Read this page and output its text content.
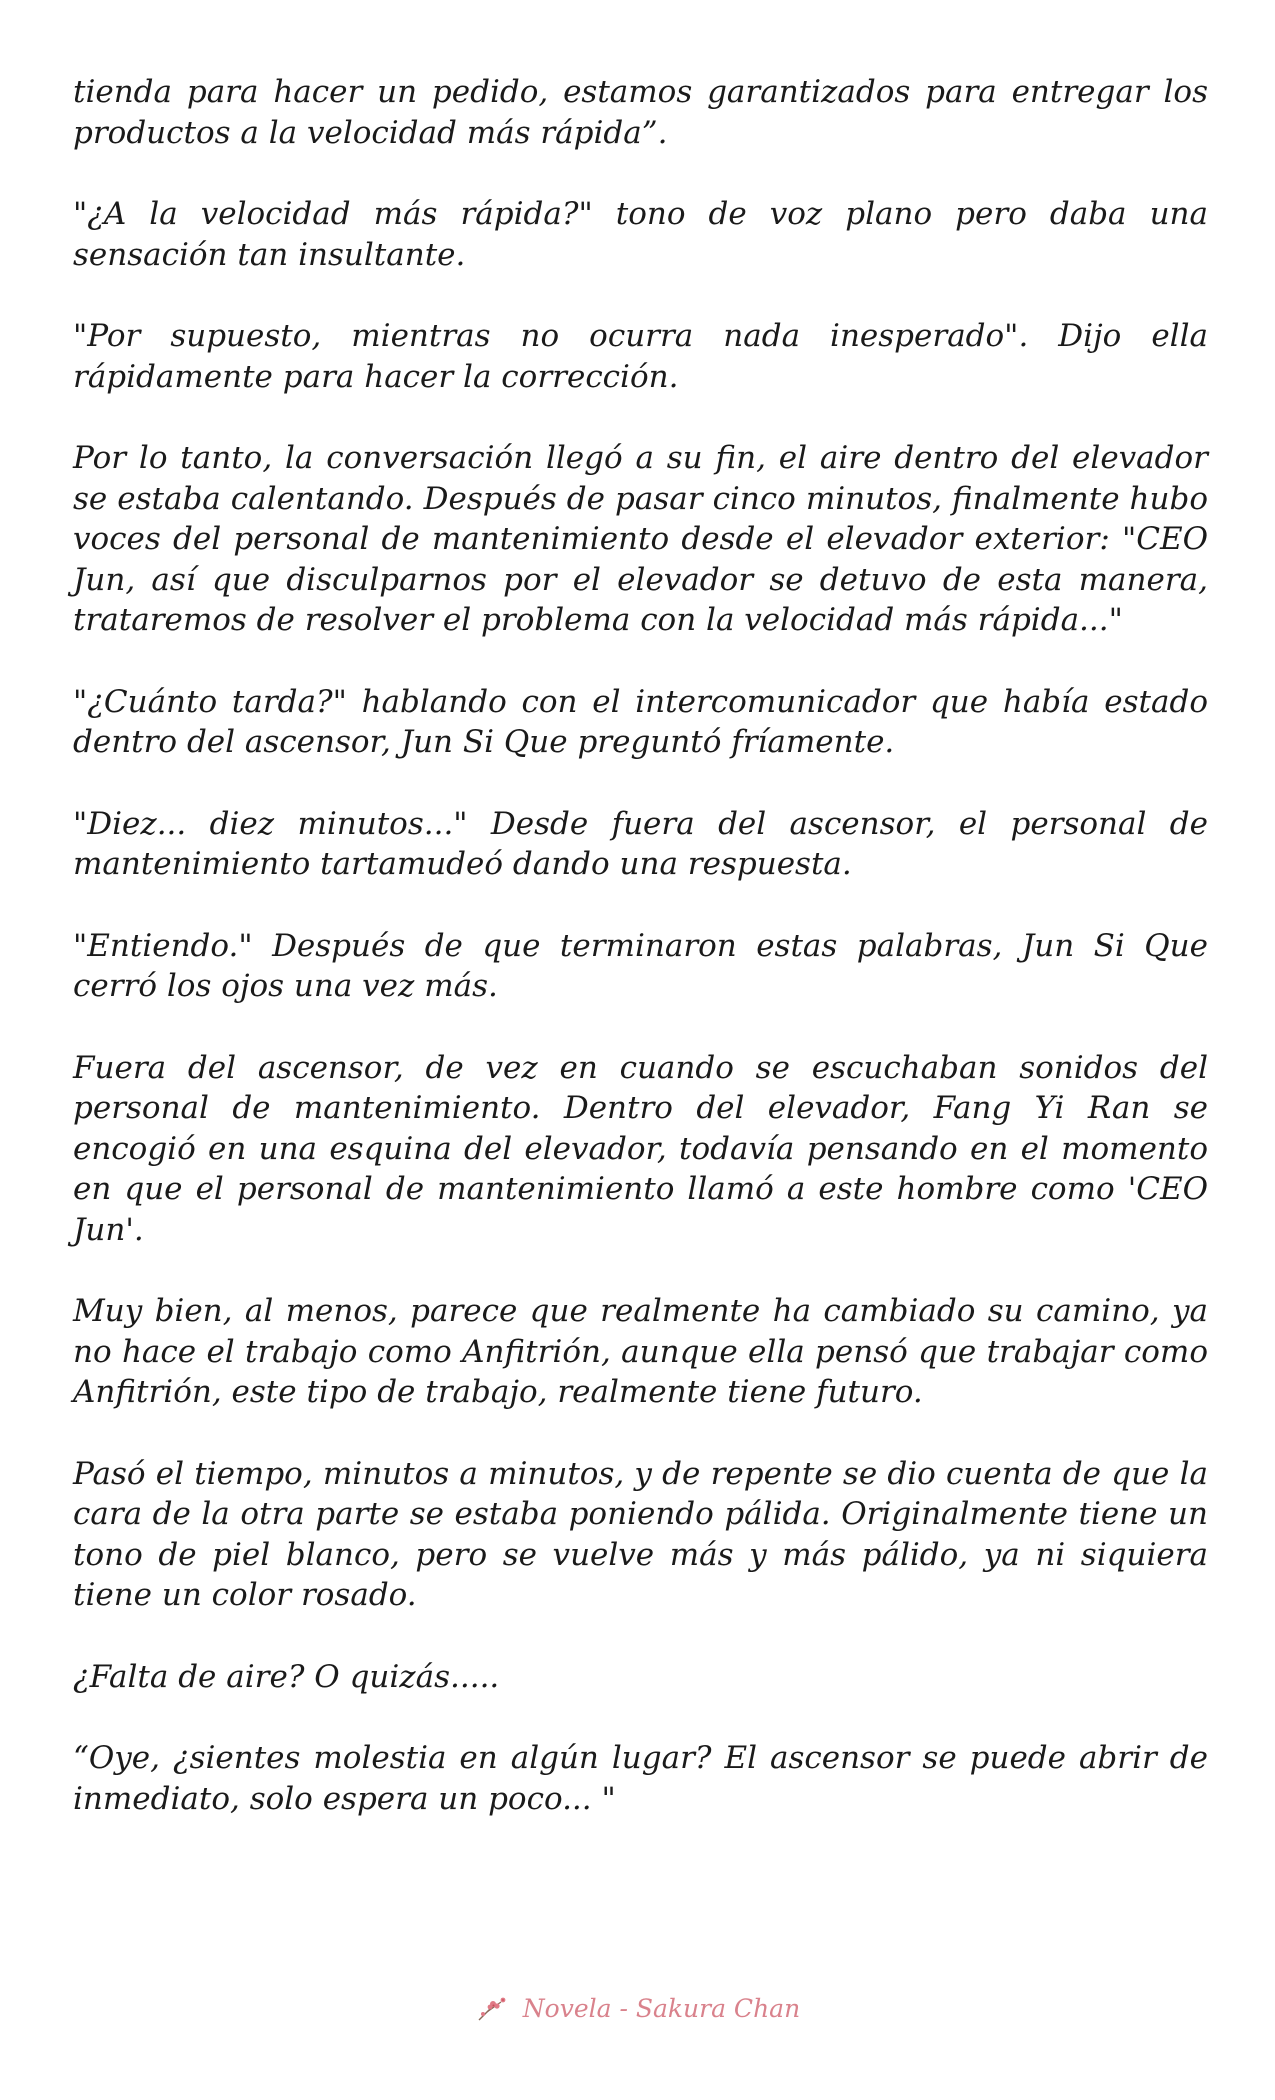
tienda para hacer un pedido, estamos garantizados para entregar los productos a la velocidad más rápida”.

"¿A la velocidad más rápida?" tono de voz plano pero daba una sensación tan insultante.

"Por supuesto, mientras no ocurra nada inesperado". Dijo ella rápidamente para hacer la corrección.

Por lo tanto, la conversación llegó a su fin, el aire dentro del elevador se estaba calentando. Después de pasar cinco minutos, finalmente hubo voces del personal de mantenimiento desde el elevador exterior: "CEO Jun, así que disculparnos por el elevador se detuvo de esta manera, trataremos de resolver el problema con la velocidad más rápida..."

"¿Cuánto tarda?" hablando con el intercomunicador que había estado dentro del ascensor, Jun Si Que preguntó fríamente.

"Diez... diez minutos..." Desde fuera del ascensor, el personal de mantenimiento tartamudeó dando una respuesta.

"Entiendo." Después de que terminaron estas palabras, Jun Si Que cerró los ojos una vez más.

Fuera del ascensor, de vez en cuando se escuchaban sonidos del personal de mantenimiento. Dentro del elevador, Fang Yi Ran se encogió en una esquina del elevador, todavía pensando en el momento en que el personal de mantenimiento llamó a este hombre como 'CEO Jun'.

Muy bien, al menos, parece que realmente ha cambiado su camino, ya no hace el trabajo como Anfitrión, aunque ella pensó que trabajar como Anfitrión, este tipo de trabajo, realmente tiene futuro.

Pasó el tiempo, minutos a minutos, y de repente se dio cuenta de que la cara de la otra parte se estaba poniendo pálida. Originalmente tiene un tono de piel blanco, pero se vuelve más y más pálido, ya ni siquiera tiene un color rosado.

¿Falta de aire? O quizás.....

“Oye, ¿sientes molestia en algún lugar? El ascensor se puede abrir de inmediato, solo espera un poco... "

Novela - Sakura Chan
